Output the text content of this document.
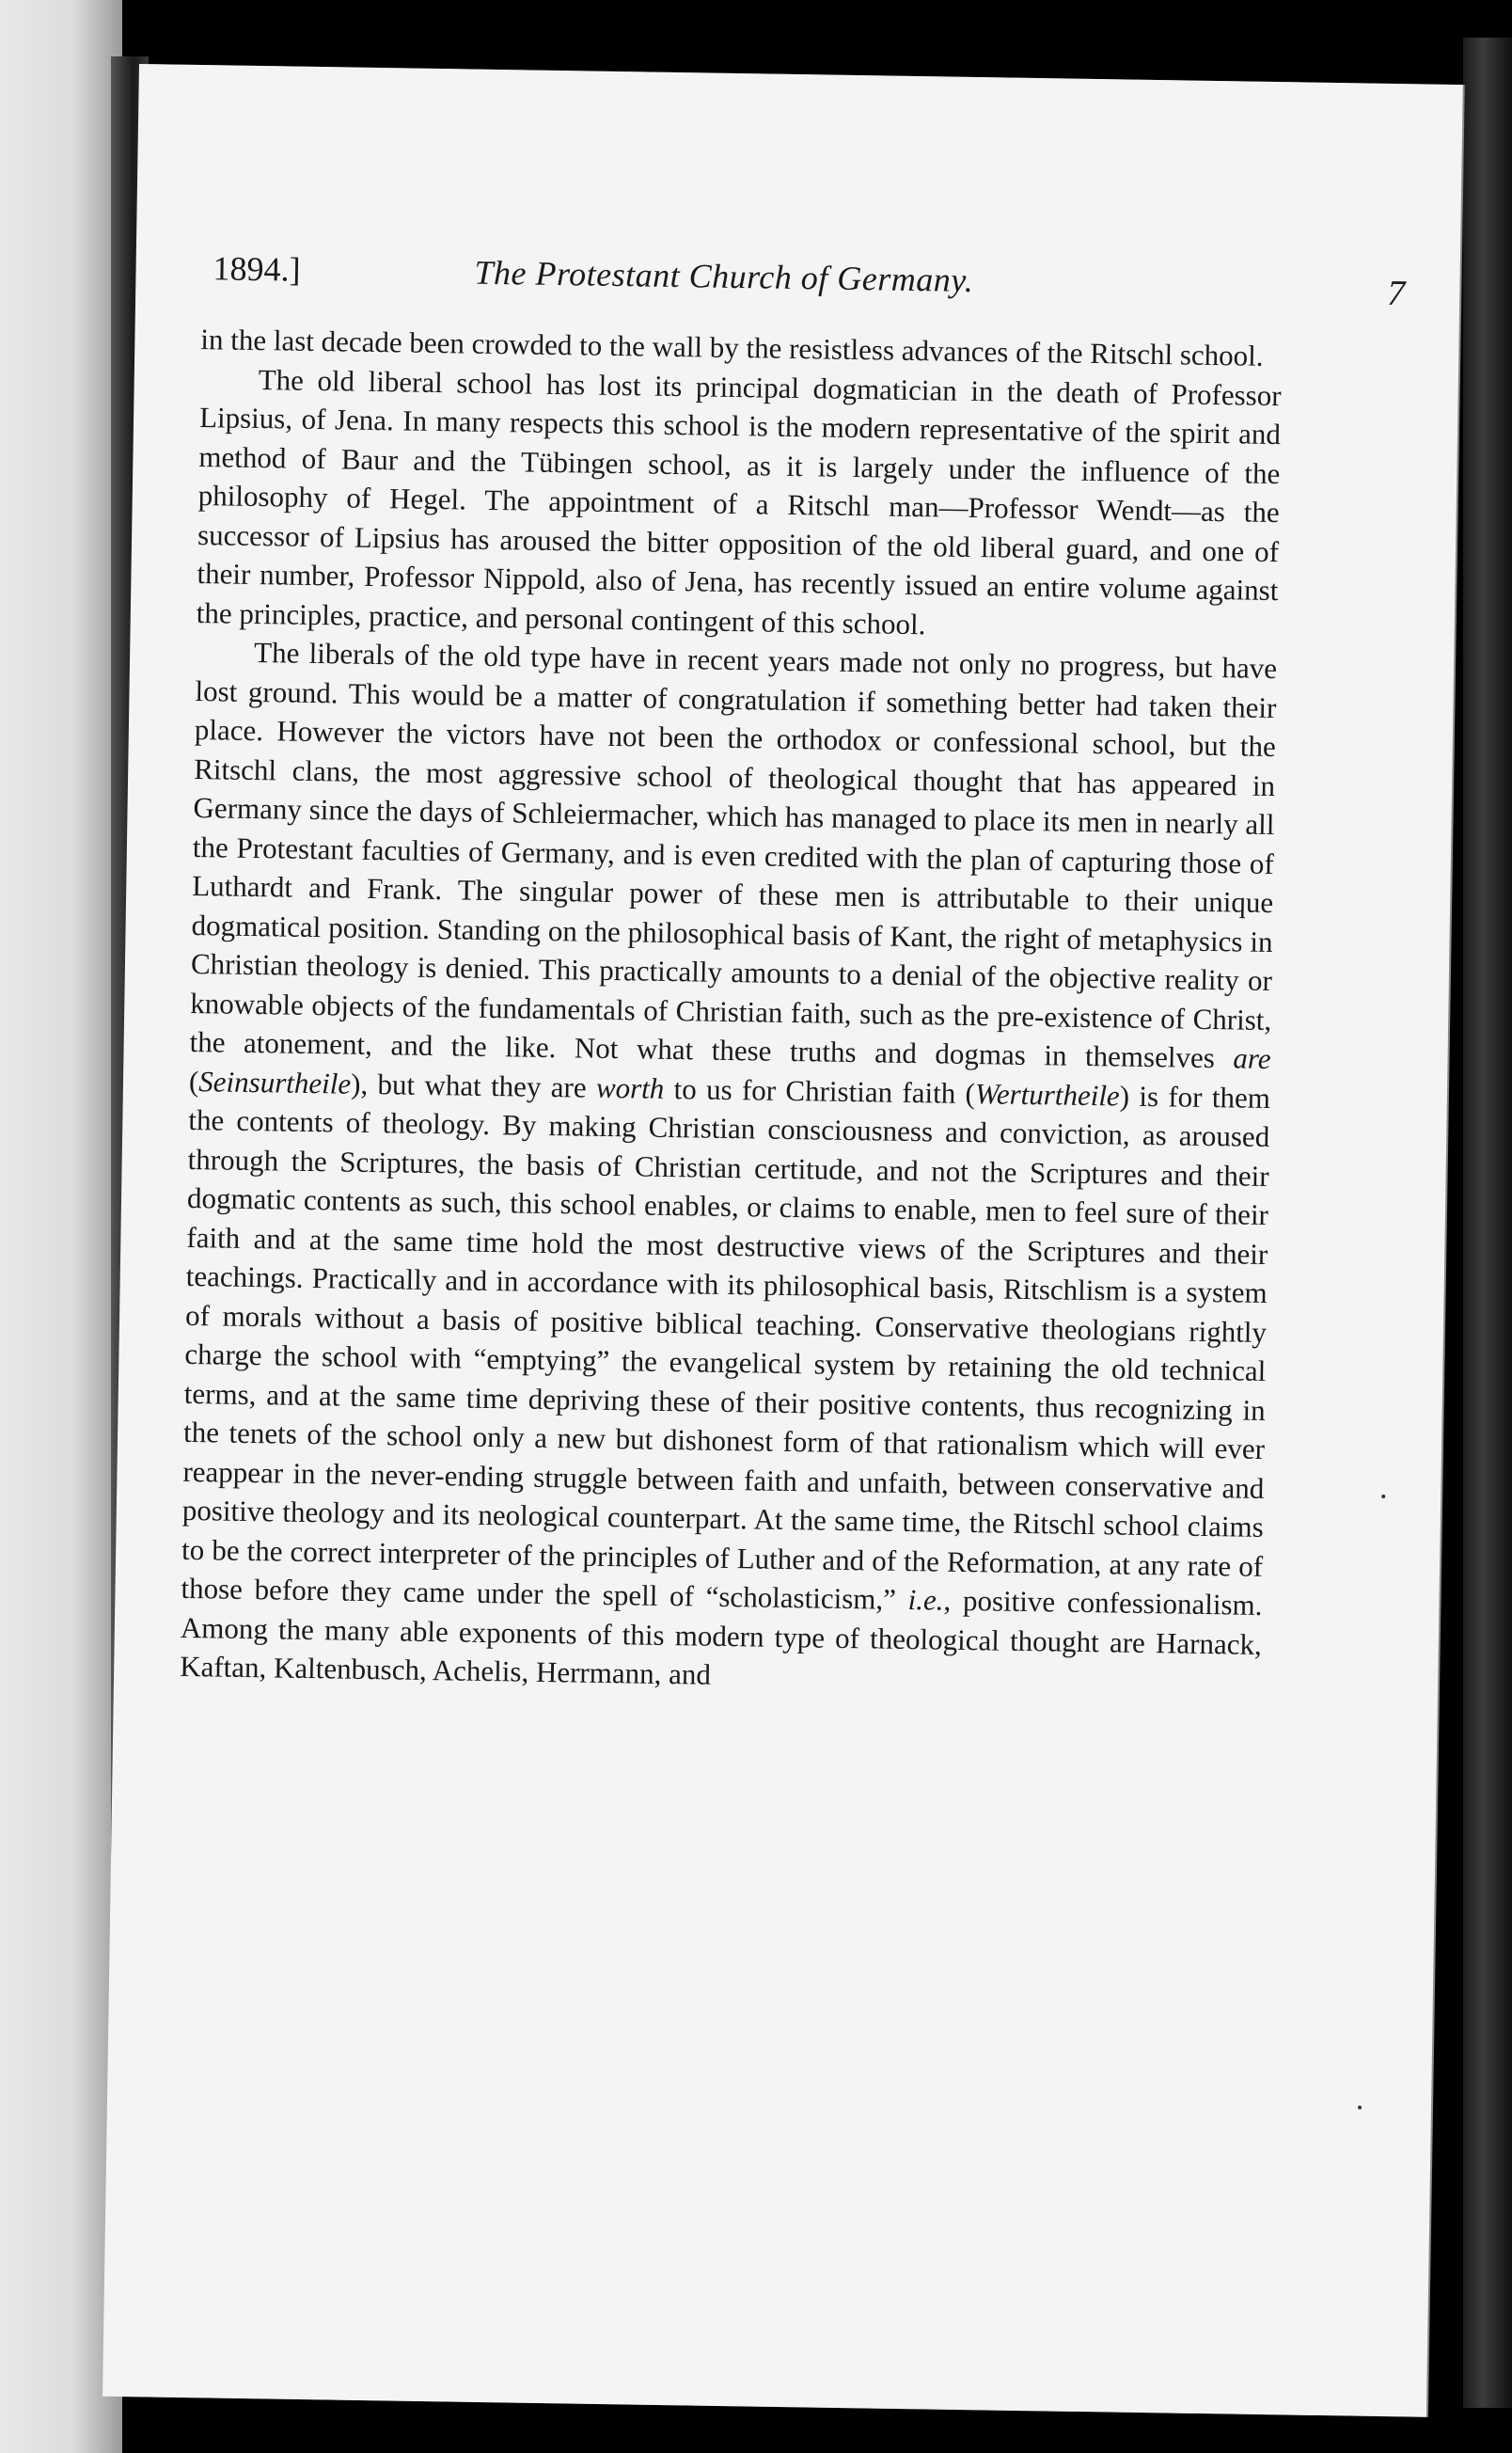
1894.]	The Protestant Church of Germany.	7

in the last decade been crowded to the wall by the resistless advances of the Ritschl school.

The old liberal school has lost its principal dogmatician in the death of Professor Lipsius, of Jena. In many respects this school is the modern representative of the spirit and method of Baur and the Tübingen school, as it is largely under the influence of the philosophy of Hegel. The appointment of a Ritschl man—Professor Wendt—as the successor of Lipsius has aroused the bitter opposition of the old liberal guard, and one of their number, Professor Nippold, also of Jena, has recently issued an entire volume against the principles, practice, and personal contingent of this school.

The liberals of the old type have in recent years made not only no progress, but have lost ground. This would be a matter of congratulation if something better had taken their place. However the victors have not been the orthodox or confessional school, but the Ritschl clans, the most aggressive school of theological thought that has appeared in Germany since the days of Schleiermacher, which has managed to place its men in nearly all the Protestant faculties of Germany, and is even credited with the plan of capturing those of Luthardt and Frank. The singular power of these men is attributable to their unique dogmatical position. Standing on the philosophical basis of Kant, the right of metaphysics in Christian theology is denied. This practically amounts to a denial of the objective reality or knowable objects of the fundamentals of Christian faith, such as the pre-existence of Christ, the atonement, and the like. Not what these truths and dogmas in themselves are (Seinsurtheile), but what they are worth to us for Christian faith (Werturtheile) is for them the contents of theology. By making Christian consciousness and conviction, as aroused through the Scriptures, the basis of Christian certitude, and not the Scriptures and their dogmatic contents as such, this school enables, or claims to enable, men to feel sure of their faith and at the same time hold the most destructive views of the Scriptures and their teachings. Practically and in accordance with its philosophical basis, Ritschlism is a system of morals without a basis of positive biblical teaching. Conservative theologians rightly charge the school with “emptying” the evangelical system by retaining the old technical terms, and at the same time depriving these of their positive contents, thus recognizing in the tenets of the school only a new but dishonest form of that rationalism which will ever reappear in the never-ending struggle between faith and unfaith, between conservative and positive theology and its neological counterpart. At the same time, the Ritschl school claims to be the correct interpreter of the principles of Luther and of the Reformation, at any rate of those before they came under the spell of “scholasticism,” i.e., positive confessionalism. Among the many able exponents of this modern type of theological thought are Harnack, Kaftan, Kaltenbusch, Achelis, Herrmann, and
